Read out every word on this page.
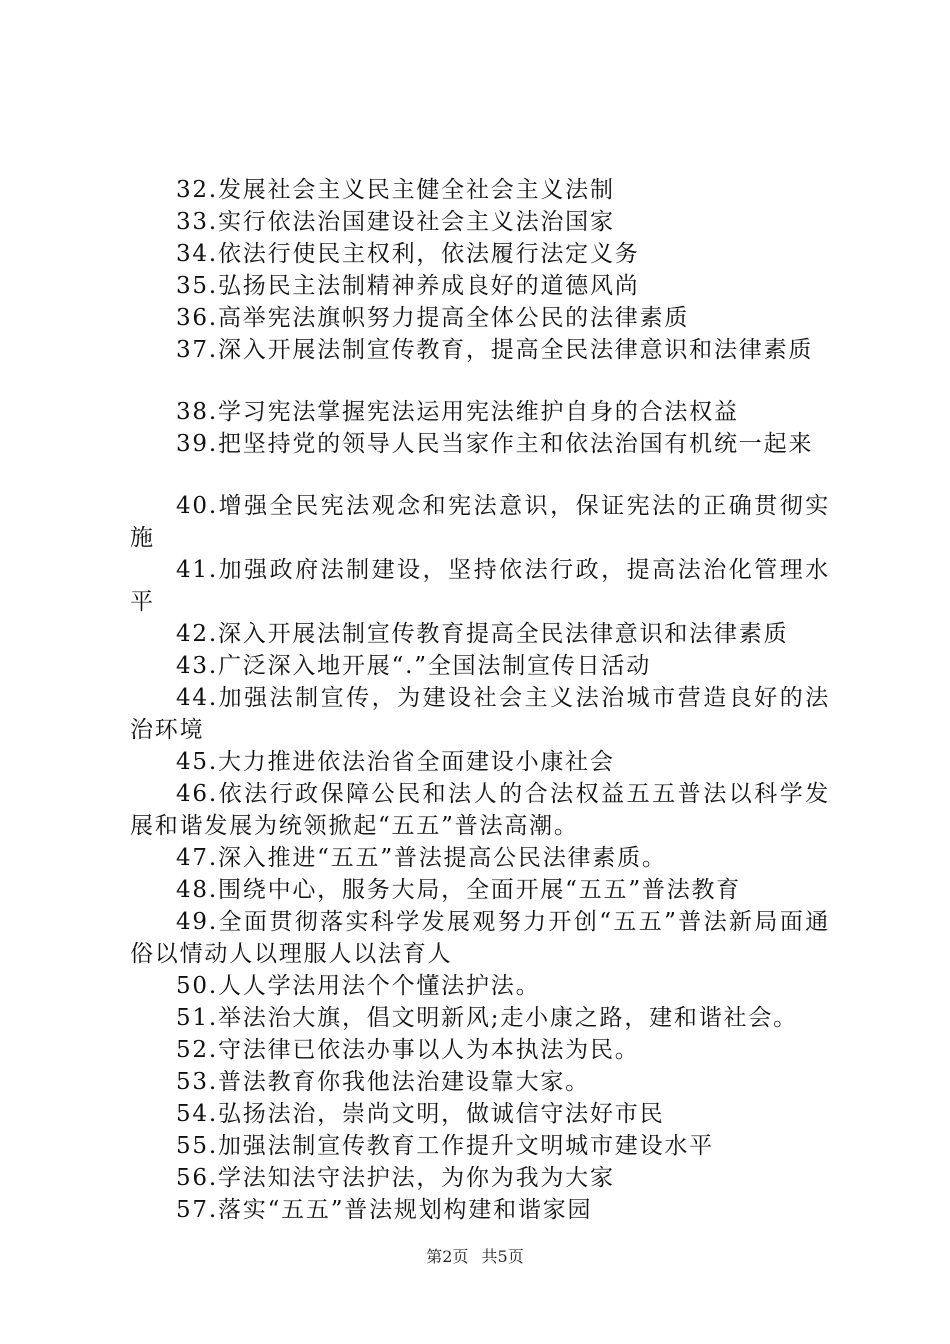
32.发展社会主义民主健全社会主义法制

33.实行依法治国建设社会主义法治国家

34.依法行使民主权利，依法履行法定义务

35.弘扬民主法制精神养成良好的道德风尚

36.高举宪法旗帜努力提高全体公民的法律素质

37.深入开展法制宣传教育，提高全民法律意识和法律素质

38.学习宪法掌握宪法运用宪法维护自身的合法权益

39.把坚持党的领导人民当家作主和依法治国有机统一起来

40.增强全民宪法观念和宪法意识，保证宪法的正确贯彻实施

41.加强政府法制建设，坚持依法行政，提高法治化管理水平

42.深入开展法制宣传教育提高全民法律意识和法律素质

43.广泛深入地开展“.”全国法制宣传日活动

44.加强法制宣传，为建设社会主义法治城市营造良好的法治环境

45.大力推进依法治省全面建设小康社会

46.依法行政保障公民和法人的合法权益五五普法以科学发展和谐发展为统领掀起“五五”普法高潮。

47.深入推进“五五”普法提高公民法律素质。

48.围绕中心，服务大局，全面开展“五五”普法教育

49.全面贯彻落实科学发展观努力开创“五五”普法新局面通俗以情动人以理服人以法育人

50.人人学法用法个个懂法护法。

51.举法治大旗，倡文明新风;走小康之路，建和谐社会。

52.守法律已依法办事以人为本执法为民。

53.普法教育你我他法治建设靠大家。

54.弘扬法治，崇尚文明，做诚信守法好市民

55.加强法制宣传教育工作提升文明城市建设水平

56.学法知法守法护法，为你为我为大家

57.落实“五五”普法规划构建和谐家园

第2页 共5页
